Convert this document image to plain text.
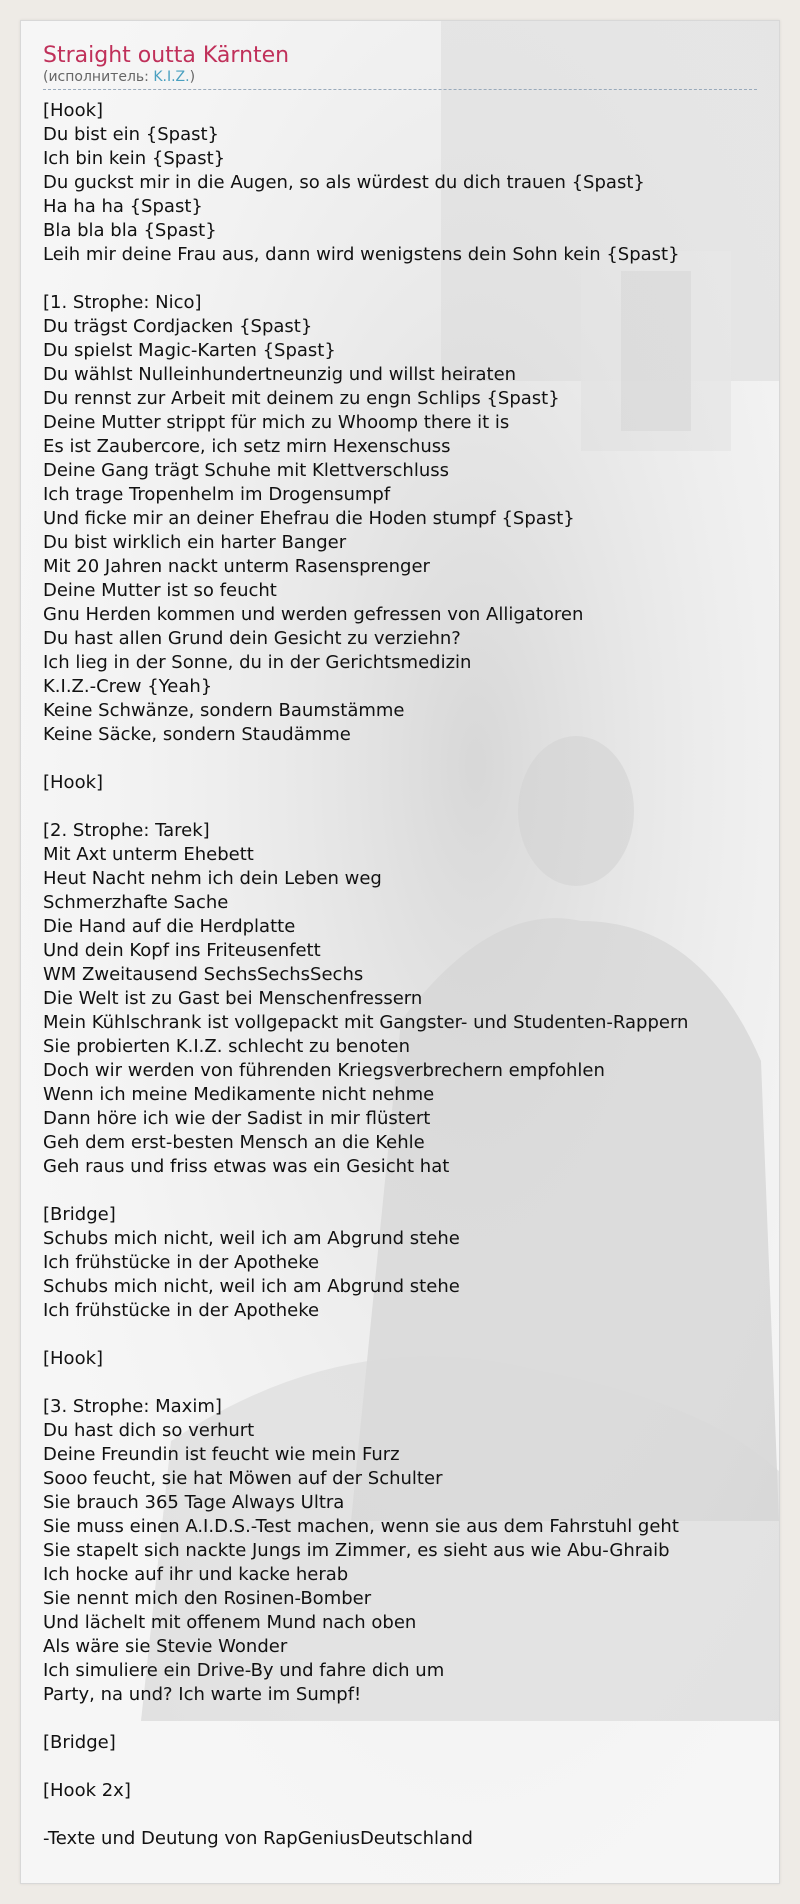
Straight outta Kärnten
(исполнитель: K.I.Z.)
[Hook]
Du bist ein {Spast}
Ich bin kein {Spast}
Du guckst mir in die Augen, so als würdest du dich trauen {Spast}
Ha ha ha {Spast}
Bla bla bla {Spast}
Leih mir deine Frau aus, dann wird wenigstens dein Sohn kein {Spast}
[1. Strophe: Nico]
Du trägst Cordjacken {Spast}
Du spielst Magic-Karten {Spast}
Du wählst Nulleinhundertneunzig und willst heiraten
Du rennst zur Arbeit mit deinem zu engn Schlips {Spast}
Deine Mutter strippt für mich zu Whoomp there it is
Es ist Zaubercore, ich setz mirn Hexenschuss
Deine Gang trägt Schuhe mit Klettverschluss
Ich trage Tropenhelm im Drogensumpf
Und ficke mir an deiner Ehefrau die Hoden stumpf {Spast}
Du bist wirklich ein harter Banger
Mit 20 Jahren nackt unterm Rasensprenger
Deine Mutter ist so feucht
Gnu Herden kommen und werden gefressen von Alligatoren
Du hast allen Grund dein Gesicht zu verziehn?
Ich lieg in der Sonne, du in der Gerichtsmedizin
K.I.Z.-Crew {Yeah}
Keine Schwänze, sondern Baumstämme
Keine Säcke, sondern Staudämme
[Hook]
[2. Strophe: Tarek]
Mit Axt unterm Ehebett
Heut Nacht nehm ich dein Leben weg
Schmerzhafte Sache
Die Hand auf die Herdplatte
Und dein Kopf ins Friteusenfett
WM Zweitausend SechsSechsSechs
Die Welt ist zu Gast bei Menschenfressern
Mein Kühlschrank ist vollgepackt mit Gangster- und Studenten-Rappern
Sie probierten K.I.Z. schlecht zu benoten
Doch wir werden von führenden Kriegsverbrechern empfohlen
Wenn ich meine Medikamente nicht nehme
Dann höre ich wie der Sadist in mir flüstert
Geh dem erst-besten Mensch an die Kehle
Geh raus und friss etwas was ein Gesicht hat
[Bridge]
Schubs mich nicht, weil ich am Abgrund stehe
Ich frühstücke in der Apotheke
Schubs mich nicht, weil ich am Abgrund stehe
Ich frühstücke in der Apotheke
[Hook]
[3. Strophe: Maxim]
Du hast dich so verhurt
Deine Freundin ist feucht wie mein Furz
Sooo feucht, sie hat Möwen auf der Schulter
Sie brauch 365 Tage Always Ultra
Sie muss einen A.I.D.S.-Test machen, wenn sie aus dem Fahrstuhl geht
Sie stapelt sich nackte Jungs im Zimmer, es sieht aus wie Abu-Ghraib
Ich hocke auf ihr und kacke herab
Sie nennt mich den Rosinen-Bomber
Und lächelt mit offenem Mund nach oben
Als wäre sie Stevie Wonder
Ich simuliere ein Drive-By und fahre dich um
Party, na und? Ich warte im Sumpf!
[Bridge]
[Hook 2x]
-Texte und Deutung von RapGeniusDeutschland
